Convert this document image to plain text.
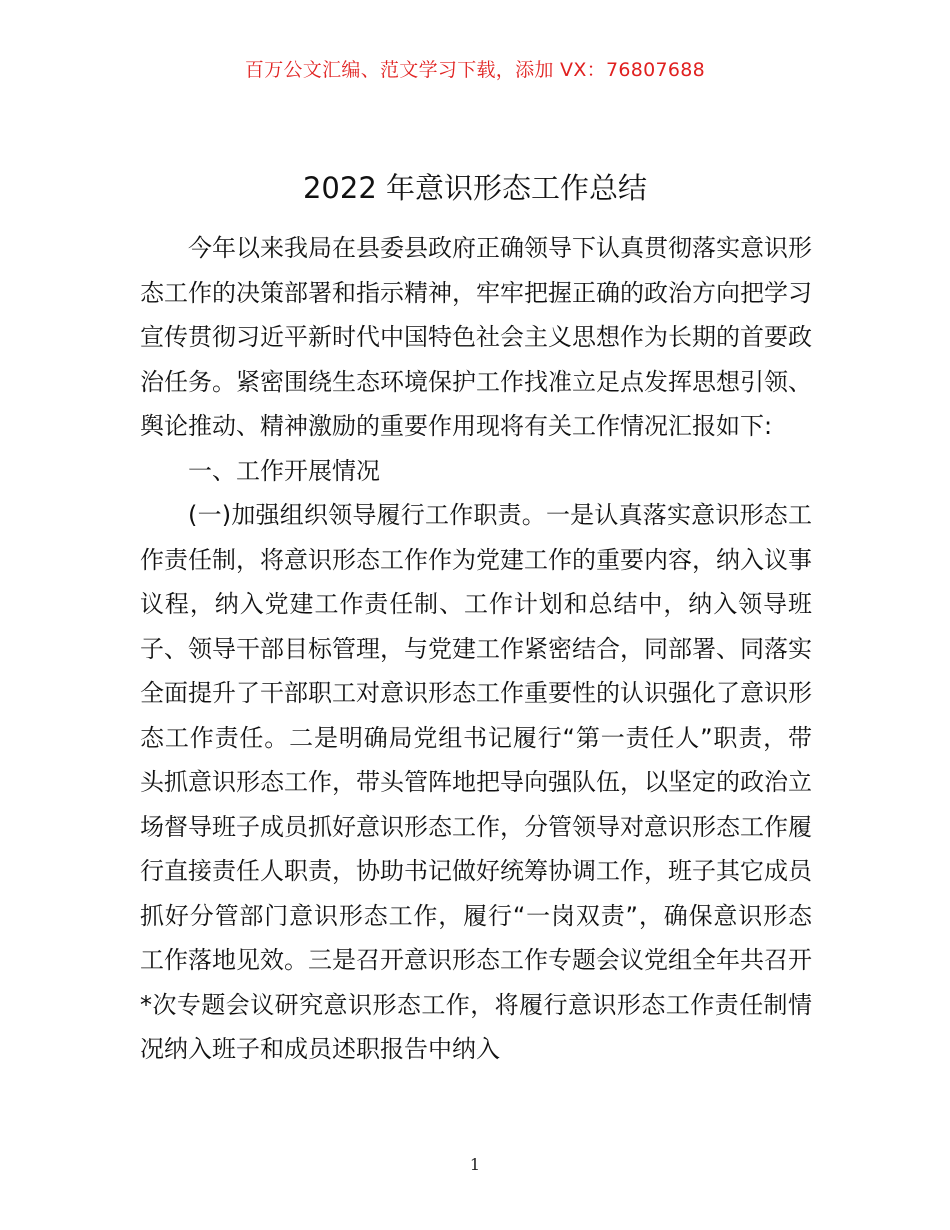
百万公文汇编、范文学习下载，添加 VX：76807688
2022 年意识形态工作总结

今年以来我局在县委县政府正确领导下认真贯彻落实意识形态工作的决策部署和指示精神，牢牢把握正确的政治方向把学习宣传贯彻习近平新时代中国特色社会主义思想作为长期的首要政治任务。紧密围绕生态环境保护工作找准立足点发挥思想引领、舆论推动、精神激励的重要作用现将有关工作情况汇报如下:

一、工作开展情况

(一)加强组织领导履行工作职责。一是认真落实意识形态工作责任制，将意识形态工作作为党建工作的重要内容，纳入议事议程，纳入党建工作责任制、工作计划和总结中，纳入领导班子、领导干部目标管理，与党建工作紧密结合，同部署、同落实全面提升了干部职工对意识形态工作重要性的认识强化了意识形态工作责任。二是明确局党组书记履行“第一责任人”职责，带头抓意识形态工作，带头管阵地把导向强队伍，以坚定的政治立场督导班子成员抓好意识形态工作，分管领导对意识形态工作履行直接责任人职责，协助书记做好统筹协调工作，班子其它成员抓好分管部门意识形态工作，履行“一岗双责”，确保意识形态工作落地见效。三是召开意识形态工作专题会议党组全年共召开*次专题会议研究意识形态工作，将履行意识形态工作责任制情况纳入班子和成员述职报告中纳入

1
